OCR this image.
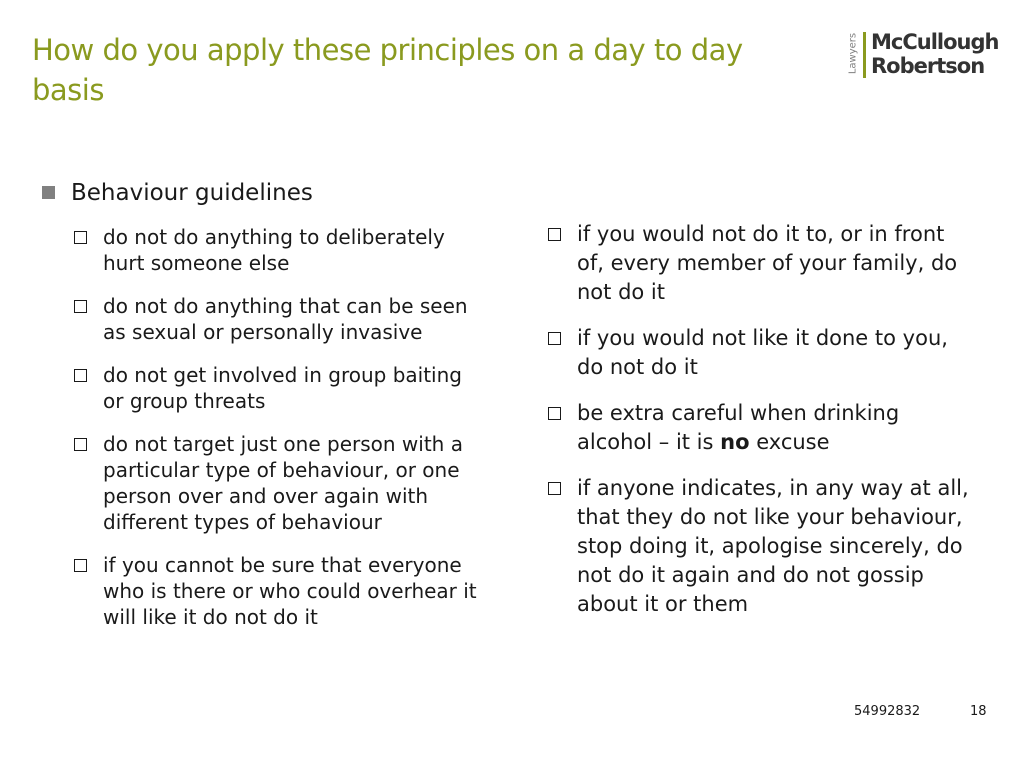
How do you apply these principles on a day to day basis
Lawyers McCullough
Robertson
Behaviour guidelines
do not do anything to deliberately hurt someone else
do not do anything that can be seen as sexual or personally invasive
do not get involved in group baiting or group threats
do not target just one person with a particular type of behaviour, or one person over and over again with different types of behaviour
if you cannot be sure that everyone who is there or who could overhear it will like it do not do it
if you would not do it to, or in front of, every member of your family, do not do it
if you would not like it done to you, do not do it
be extra careful when drinking alcohol – it is no excuse
if anyone indicates, in any way at all, that they do not like your behaviour, stop doing it, apologise sincerely, do not do it again and do not gossip about it or them
54992832	18
